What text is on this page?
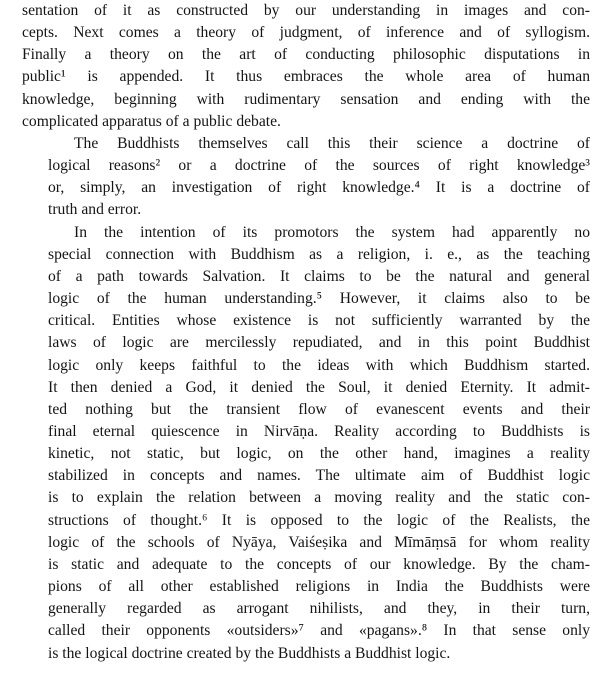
sentation of it as constructed by our understanding in images and con-
cepts. Next comes a theory of judgment, of inference and of syllogism.
Finally a theory on the art of conducting philosophic disputations in
public¹ is appended. It thus embraces the whole area of human
knowledge, beginning with rudimentary sensation and ending with the
complicated apparatus of a public debate.
The Buddhists themselves call this their science a doctrine of
logical reasons² or a doctrine of the sources of right knowledge³
or, simply, an investigation of right knowledge.⁴ It is a doctrine of
truth and error.
In the intention of its promotors the system had apparently no
special connection with Buddhism as a religion, i. e., as the teaching
of a path towards Salvation. It claims to be the natural and general
logic of the human understanding.⁵ However, it claims also to be
critical. Entities whose existence is not sufficiently warranted by the
laws of logic are mercilessly repudiated, and in this point Buddhist
logic only keeps faithful to the ideas with which Buddhism started.
It then denied a God, it denied the Soul, it denied Eternity. It admit-
ted nothing but the transient flow of evanescent events and their
final eternal quiescence in Nirvāṇa. Reality according to Buddhists is
kinetic, not static, but logic, on the other hand, imagines a reality
stabilized in concepts and names. The ultimate aim of Buddhist logic
is to explain the relation between a moving reality and the static con-
structions of thought.⁶ It is opposed to the logic of the Realists, the
logic of the schools of Nyāya, Vaiśeṣika and Mīmāṃsā for whom reality
is static and adequate to the concepts of our knowledge. By the cham-
pions of all other established religions in India the Buddhists were
generally regarded as arrogant nihilists, and they, in their turn,
called their opponents «outsiders»⁷ and «pagans».⁸ In that sense only
is the logical doctrine created by the Buddhists a Buddhist logic.
